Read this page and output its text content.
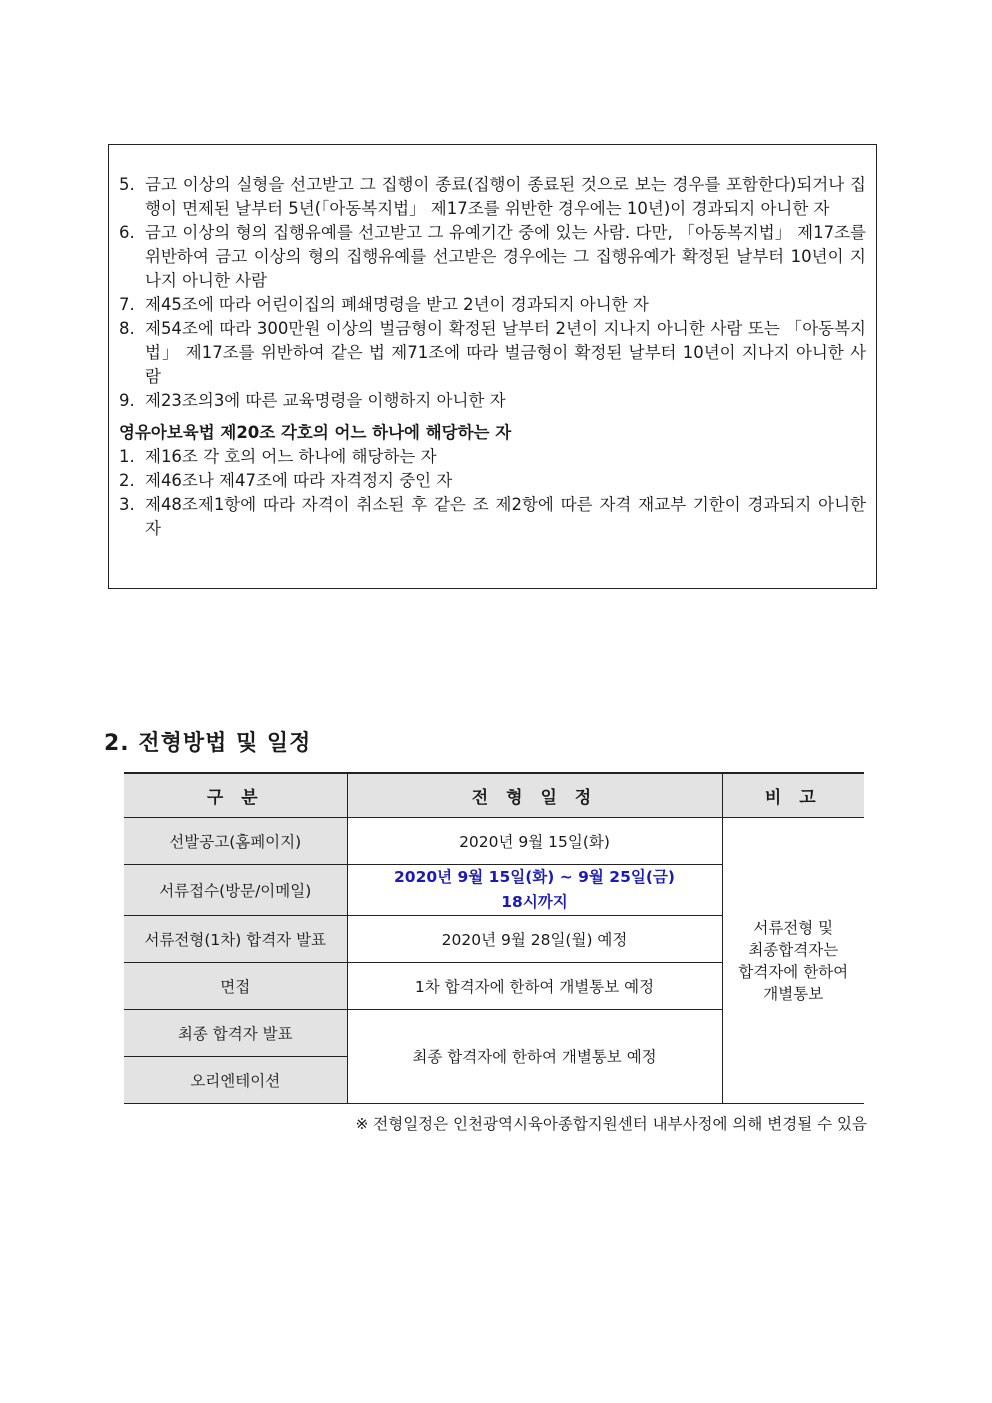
5. 금고 이상의 실형을 선고받고 그 집행이 종료(집행이 종료된 것으로 보는 경우를 포함한다)되거나 집행이 면제된 날부터 5년(「아동복지법」 제17조를 위반한 경우에는 10년)이 경과되지 아니한 자
6. 금고 이상의 형의 집행유예를 선고받고 그 유예기간 중에 있는 사람. 다만, 「아동복지법」 제17조를 위반하여 금고 이상의 형의 집행유예를 선고받은 경우에는 그 집행유예가 확정된 날부터 10년이 지나지 아니한 사람
7. 제45조에 따라 어린이집의 폐쇄명령을 받고 2년이 경과되지 아니한 자
8. 제54조에 따라 300만원 이상의 벌금형이 확정된 날부터 2년이 지나지 아니한 사람 또는 「아동복지법」 제17조를 위반하여 같은 법 제71조에 따라 벌금형이 확정된 날부터 10년이 지나지 아니한 사람
9. 제23조의3에 따른 교육명령을 이행하지 아니한 자
영유아보육법 제20조 각호의 어느 하나에 해당하는 자
1. 제16조 각 호의 어느 하나에 해당하는 자
2. 제46조나 제47조에 따라 자격정지 중인 자
3. 제48조제1항에 따라 자격이 취소된 후 같은 조 제2항에 따른 자격 재교부 기한이 경과되지 아니한 자
2. 전형방법 및 일정
구 분	전 형 일 정	비 고
선발공고(홈페이지)	2020년 9월 15일(화)	서류전형 및
최종합격자는
합격자에 한하여
개별통보

서류접수(방문/이메일)	2020년 9월 15일(화) ~ 9월 25일(금)
18시까지	

서류전형(1차) 합격자 발표	2020년 9월 28일(월) 예정	
면접	1차 합격자에 한하여 개별통보 예정	
최종 합격자 발표	최종 합격자에 한하여 개별통보 예정	
오리엔테이션		
※ 전형일정은 인천광역시육아종합지원센터 내부사정에 의해 변경될 수 있음
